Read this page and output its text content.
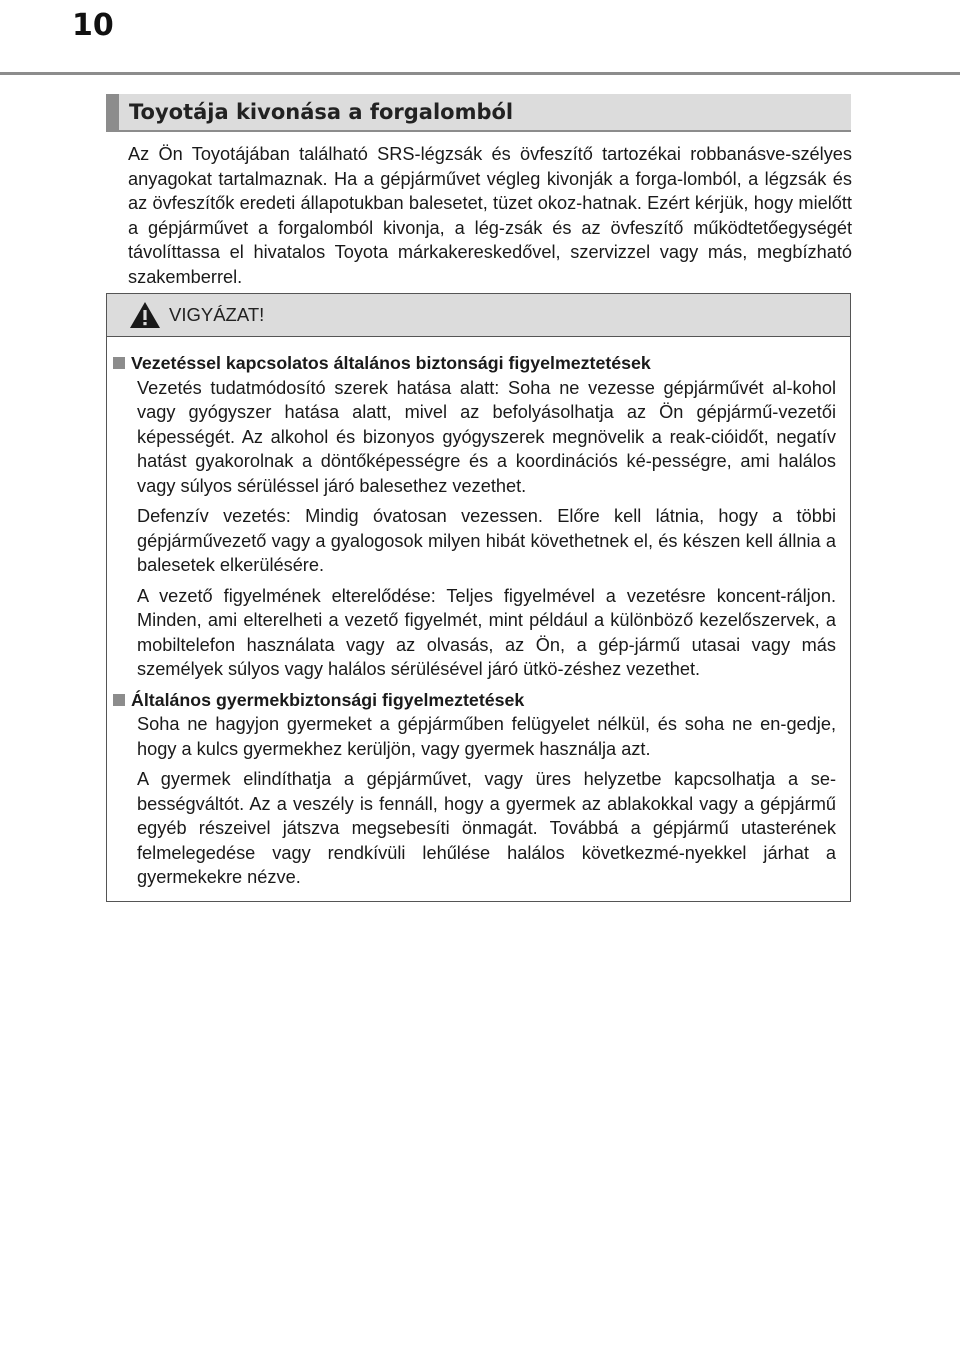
10
Toyotája kivonása a forgalomból

Az Ön Toyotájában található SRS-légzsák és övfeszítő tartozékai robbanásve-szélyes anyagokat tartalmaznak. Ha a gépjárművet végleg kivonják a forga-lomból, a légzsák és az övfeszítők eredeti állapotukban balesetet, tüzet okoz-hatnak. Ezért kérjük, hogy mielőtt a gépjárművet a forgalomból kivonja, a lég-zsák és az övfeszítő működtetőegységét távolíttassa el hivatalos Toyota márkakereskedővel, szervizzel vagy más, megbízható szakemberrel.

VIGYÁZAT!
Vezetéssel kapcsolatos általános biztonsági figyelmeztetések

Vezetés tudatmódosító szerek hatása alatt: Soha ne vezesse gépjárművét al-kohol vagy gyógyszer hatása alatt, mivel az befolyásolhatja az Ön gépjármű-vezetői képességét. Az alkohol és bizonyos gyógyszerek megnövelik a reak-cióidőt, negatív hatást gyakorolnak a döntőképességre és a koordinációs ké-pességre, ami halálos vagy súlyos sérüléssel járó balesethez vezethet.

Defenzív vezetés: Mindig óvatosan vezessen. Előre kell látnia, hogy a többi gépjárművezető vagy a gyalogosok milyen hibát követhetnek el, és készen kell állnia a balesetek elkerülésére.

A vezető figyelmének elterelődése: Teljes figyelmével a vezetésre koncent-ráljon. Minden, ami elterelheti a vezető figyelmét, mint például a különböző kezelőszervek, a mobiltelefon használata vagy az olvasás, az Ön, a gép-jármű utasai vagy más személyek súlyos vagy halálos sérülésével járó ütkö-zéshez vezethet.

Általános gyermekbiztonsági figyelmeztetések

Soha ne hagyjon gyermeket a gépjárműben felügyelet nélkül, és soha ne en-gedje, hogy a kulcs gyermekhez kerüljön, vagy gyermek használja azt.

A gyermek elindíthatja a gépjárművet, vagy üres helyzetbe kapcsolhatja a se-bességváltót. Az a veszély is fennáll, hogy a gyermek az ablakokkal vagy a gépjármű egyéb részeivel játszva megsebesíti önmagát. Továbbá a gépjármű utasterének felmelegedése vagy rendkívüli lehűlése halálos következmé-nyekkel járhat a gyermekekre nézve.
